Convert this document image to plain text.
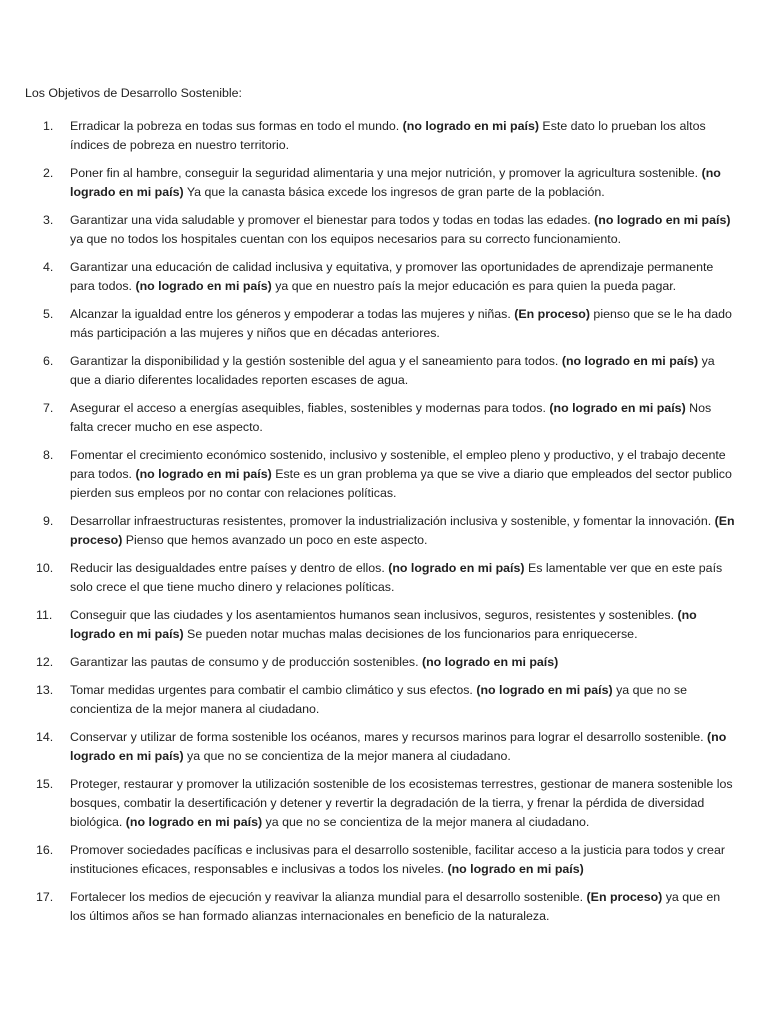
Los Objetivos de Desarrollo Sostenible:

1.	Erradicar la pobreza en todas sus formas en todo el mundo. (no logrado en mi país) Este dato lo prueban los altos índices de pobreza en nuestro territorio.
2.	Poner fin al hambre, conseguir la seguridad alimentaria y una mejor nutrición, y promover la agricultura sostenible. (no logrado en mi país) Ya que la canasta básica excede los ingresos de gran parte de la población.
3.	Garantizar una vida saludable y promover el bienestar para todos y todas en todas las edades. (no logrado en mi país) ya que no todos los hospitales cuentan con los equipos necesarios para su correcto funcionamiento.
4.	Garantizar una educación de calidad inclusiva y equitativa, y promover las oportunidades de aprendizaje permanente para todos. (no logrado en mi país) ya que en nuestro país la mejor educación es para quien la pueda pagar.
5.	Alcanzar la igualdad entre los géneros y empoderar a todas las mujeres y niñas. (En proceso) pienso que se le ha dado más participación a las mujeres y niños que en décadas anteriores.
6.	Garantizar la disponibilidad y la gestión sostenible del agua y el saneamiento para todos. (no logrado en mi país) ya que a diario diferentes localidades reporten escases de agua.
7.	Asegurar el acceso a energías asequibles, fiables, sostenibles y modernas para todos. (no logrado en mi país) Nos falta crecer mucho en ese aspecto.
8.	Fomentar el crecimiento económico sostenido, inclusivo y sostenible, el empleo pleno y productivo, y el trabajo decente para todos. (no logrado en mi país) Este es un gran problema ya que se vive a diario que empleados del sector publico pierden sus empleos por no contar con relaciones políticas.
9.	Desarrollar infraestructuras resistentes, promover la industrialización inclusiva y sostenible, y fomentar la innovación. (En proceso) Pienso que hemos avanzado un poco en este aspecto.
10.	Reducir las desigualdades entre países y dentro de ellos. (no logrado en mi país) Es lamentable ver que en este país solo crece el que tiene mucho dinero y relaciones políticas.
11.	Conseguir que las ciudades y los asentamientos humanos sean inclusivos, seguros, resistentes y sostenibles. (no logrado en mi país) Se pueden notar muchas malas decisiones de los funcionarios para enriquecerse.
12.	Garantizar las pautas de consumo y de producción sostenibles. (no logrado en mi país)
13.	Tomar medidas urgentes para combatir el cambio climático y sus efectos. (no logrado en mi país) ya que no se concientiza de la mejor manera al ciudadano.
14.	Conservar y utilizar de forma sostenible los océanos, mares y recursos marinos para lograr el desarrollo sostenible. (no logrado en mi país) ya que no se concientiza de la mejor manera al ciudadano.
15.	Proteger, restaurar y promover la utilización sostenible de los ecosistemas terrestres, gestionar de manera sostenible los bosques, combatir la desertificación y detener y revertir la degradación de la tierra, y frenar la pérdida de diversidad biológica. (no logrado en mi país) ya que no se concientiza de la mejor manera al ciudadano.
16.	Promover sociedades pacíficas e inclusivas para el desarrollo sostenible, facilitar acceso a la justicia para todos y crear instituciones eficaces, responsables e inclusivas a todos los niveles. (no logrado en mi país)
17.	Fortalecer los medios de ejecución y reavivar la alianza mundial para el desarrollo sostenible. (En proceso) ya que en los últimos años se han formado alianzas internacionales en beneficio de la naturaleza.
